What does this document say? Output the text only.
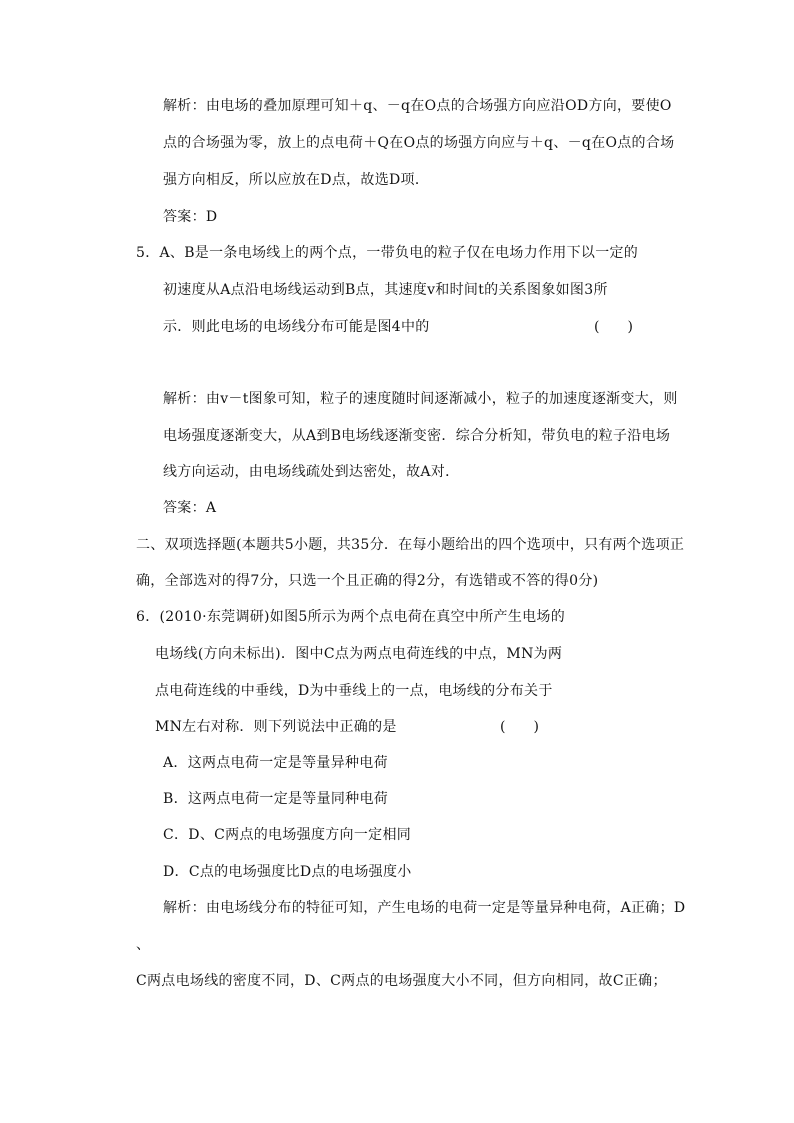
解析：由电场的叠加原理可知＋q、－q在O点的合场强方向应沿OD方向，要使O
点的合场强为零，放上的点电荷＋Q在O点的场强方向应与＋q、－q在O点的合场
强方向相反，所以应放在D点，故选D项．
答案：D
5．A、B是一条电场线上的两个点，一带负电的粒子仅在电场力作用下以一定的
初速度从A点沿电场线运动到B点，其速度v和时间t的关系图象如图3所
示．则此电场的电场线分布可能是图4中的	(　　)
解析：由v－t图象可知，粒子的速度随时间逐渐减小，粒子的加速度逐渐变大，则
电场强度逐渐变大，从A到B电场线逐渐变密．综合分析知，带负电的粒子沿电场
线方向运动，由电场线疏处到达密处，故A对．
答案：A
二、双项选择题(本题共5小题，共35分．在每小题给出的四个选项中，只有两个选项正
确，全部选对的得7分，只选一个且正确的得2分，有选错或不答的得0分)
6．(2010·东莞调研)如图5所示为两个点电荷在真空中所产生电场的
电场线(方向未标出)．图中C点为两点电荷连线的中点，MN为两
点电荷连线的中垂线，D为中垂线上的一点，电场线的分布关于
MN左右对称．则下列说法中正确的是	(　　)
A．这两点电荷一定是等量异种电荷
B．这两点电荷一定是等量同种电荷
C．D、C两点的电场强度方向一定相同
D．C点的电场强度比D点的电场强度小
解析：由电场线分布的特征可知，产生电场的电荷一定是等量异种电荷，A正确；D
、
C两点电场线的密度不同，D、C两点的电场强度大小不同，但方向相同，故C正确；
